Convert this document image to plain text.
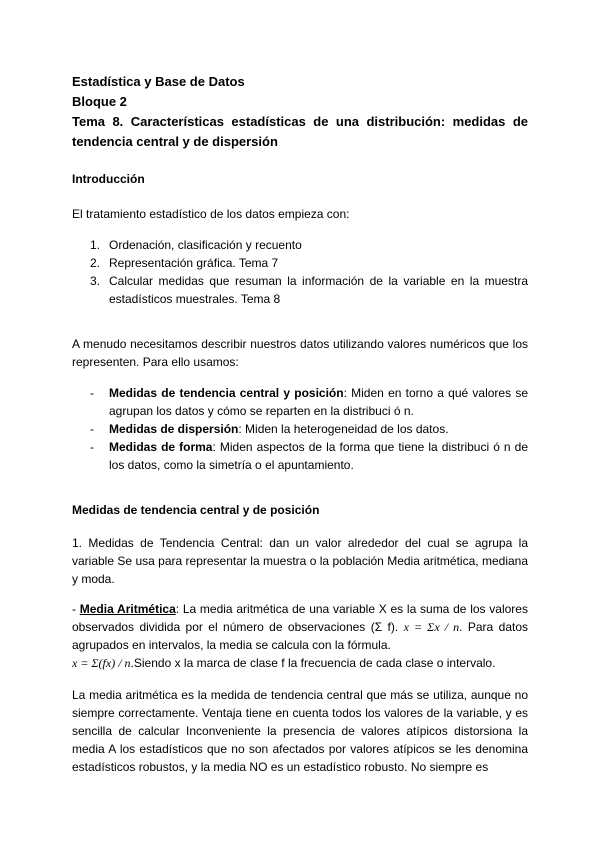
Estadística y Base de Datos
Bloque 2
Tema 8. Características estadísticas de una distribución: medidas de tendencia central y de dispersión
Introducción
El tratamiento estadístico de los datos empieza con:
1. Ordenación, clasificación y recuento
2. Representación gráfica. Tema 7
3. Calcular medidas que resuman la información de la variable en la muestra estadísticos muestrales. Tema 8
A menudo necesitamos describir nuestros datos utilizando valores numéricos que los representen. Para ello usamos:
- Medidas de tendencia central y posición: Miden en torno a qué valores se agrupan los datos y cómo se reparten en la distribuci ó n.
- Medidas de dispersión: Miden la heterogeneidad de los datos.
- Medidas de forma: Miden aspectos de la forma que tiene la distribuci ó n de los datos, como la simetría o el apuntamiento.
Medidas de tendencia central y de posición
1. Medidas de Tendencia Central: dan un valor alrededor del cual se agrupa la variable Se usa para representar la muestra o la población Media aritmética, mediana y moda.
- Media Aritmética: La media aritmética de una variable X es la suma de los valores observados dividida por el número de observaciones (Σ f). x = Σx / n. Para datos agrupados en intervalos, la media se calcula con la fórmula.
x = Σ(fx) / n.Siendo x la marca de clase f la frecuencia de cada clase o intervalo.
La media aritmética es la medida de tendencia central que más se utiliza, aunque no siempre correctamente. Ventaja tiene en cuenta todos los valores de la variable, y es sencilla de calcular Inconveniente la presencia de valores atípicos distorsiona la media A los estadísticos que no son afectados por valores atípicos se les denomina estadísticos robustos, y la media NO es un estadístico robusto. No siempre es
